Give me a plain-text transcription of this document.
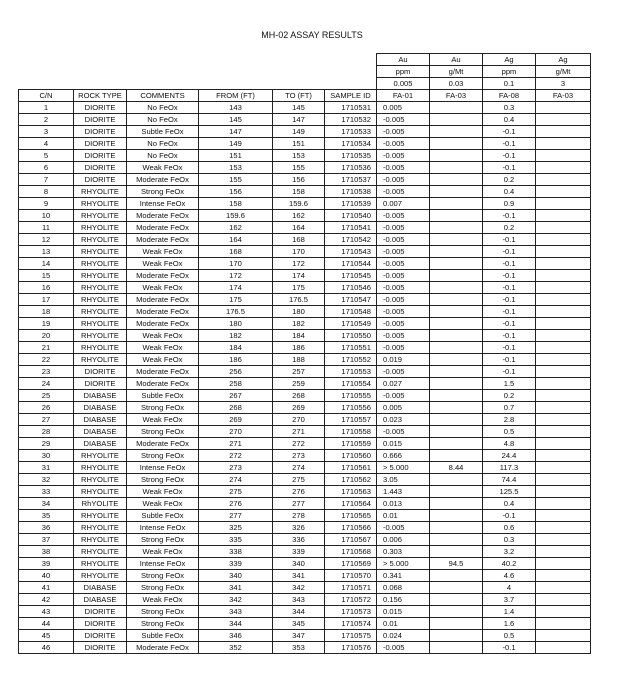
MH-02 ASSAY RESULTS
						Au	Au	Ag	Ag
						ppm	g/Mt	ppm	g/Mt
						0.005	0.03	0.1	3
C/N	ROCK TYPE	COMMENTS	FROM (FT)	TO (FT)	SAMPLE ID	FA-01	FA-03	FA-08	FA-03
1	DIORITE	No FeOx	143	145	1710531	0.005		0.3	
2	DIORITE	No FeOx	145	147	1710532	-0.005		0.4	
3	DIORITE	Subtle FeOx	147	149	1710533	-0.005		-0.1	
4	DIORITE	No FeOx	149	151	1710534	-0.005		-0.1	
5	DIORITE	No FeOx	151	153	1710535	-0.005		-0.1	
6	DIORITE	Weak FeOx	153	155	1710536	-0.005		-0.1	
7	DIORITE	Moderate FeOx	155	156	1710537	-0.005		0.2	
8	RHYOLITE	Strong FeOx	156	158	1710538	-0.005		0.4	
9	RHYOLITE	Intense FeOx	158	159.6	1710539	0.007		0.9	
10	RHYOLITE	Moderate FeOx	159.6	162	1710540	-0.005		-0.1	
11	RHYOLITE	Moderate FeOx	162	164	1710541	-0.005		0.2	
12	RHYOLITE	Moderate FeOx	164	168	1710542	-0.005		-0.1	
13	RHYOLITE	Weak FeOx	168	170	1710543	-0.005		-0.1	
14	RHYOLITE	Weak FeOx	170	172	1710544	-0.005		-0.1	
15	RHYOLITE	Moderate FeOx	172	174	1710545	-0.005		-0.1	
16	RHYOLITE	Weak FeOx	174	175	1710546	-0.005		-0.1	
17	RHYOLITE	Moderate FeOx	175	176.5	1710547	-0.005		-0.1	
18	RHYOLITE	Moderate FeOx	176.5	180	1710548	-0.005		-0.1	
19	RHYOLITE	Moderate FeOx	180	182	1710549	-0.005		-0.1	
20	RHYOLITE	Weak FeOx	182	184	1710550	-0.005		-0.1	
21	RHYOLITE	Weak FeOx	184	186	1710551	-0.005		-0.1	
22	RHYOLITE	Weak FeOx	186	188	1710552	0.019		-0.1	
23	DIORITE	Moderate FeOx	256	257	1710553	-0.005		-0.1	
24	DIORITE	Moderate FeOx	258	259	1710554	0.027		1.5	
25	DIABASE	Subtle FeOx	267	268	1710555	-0.005		0.2	
26	DIABASE	Strong FeOx	268	269	1710556	0.005		0.7	
27	DIABASE	Weak FeOx	269	270	1710557	0.023		2.8	
28	DIABASE	Strong FeOx	270	271	1710558	-0.005		0.5	
29	DIABASE	Moderate FeOx	271	272	1710559	0.015		4.8	
30	RHYOLITE	Strong FeOx	272	273	1710560	0.666		24.4	
31	RHYOLITE	Intense FeOx	273	274	1710561	> 5.000	8.44	117.3	
32	RHYOLITE	Strong FeOx	274	275	1710562	3.05		74.4	
33	RHYOLITE	Weak FeOx	275	276	1710563	1.443		125.5	
34	RhYOLITE	Weak FeOx	276	277	1710564	0.013		0.4	
35	RHYOLITE	Subtle FeOx	277	278	1710565	0.01		-0.1	
36	RHYOLITE	Intense FeOx	325	326	1710566	-0.005		0.6	
37	RHYOLITE	Strong FeOx	335	336	1710567	0.006		0.3	
38	RHYOLITE	Weak FeOx	338	339	1710568	0.303		3.2	
39	RHYOLITE	Intense FeOx	339	340	1710569	> 5.000	94.5	40.2	
40	RHYOLITE	Strong FeOx	340	341	1710570	0.341		4.6	
41	DIABASE	Strong FeOx	341	342	1710571	0.068		4	
42	DIABASE	Weak FeOx	342	343	1710572	0.156		3.7	
43	DIORITE	Strong FeOx	343	344	1710573	0.015		1.4	
44	DIORITE	Strong FeOx	344	345	1710574	0.01		1.6	
45	DIORITE	Subtle FeOx	346	347	1710575	0.024		0.5	
46	DIORITE	Moderate FeOx	352	353	1710576	-0.005		-0.1	
